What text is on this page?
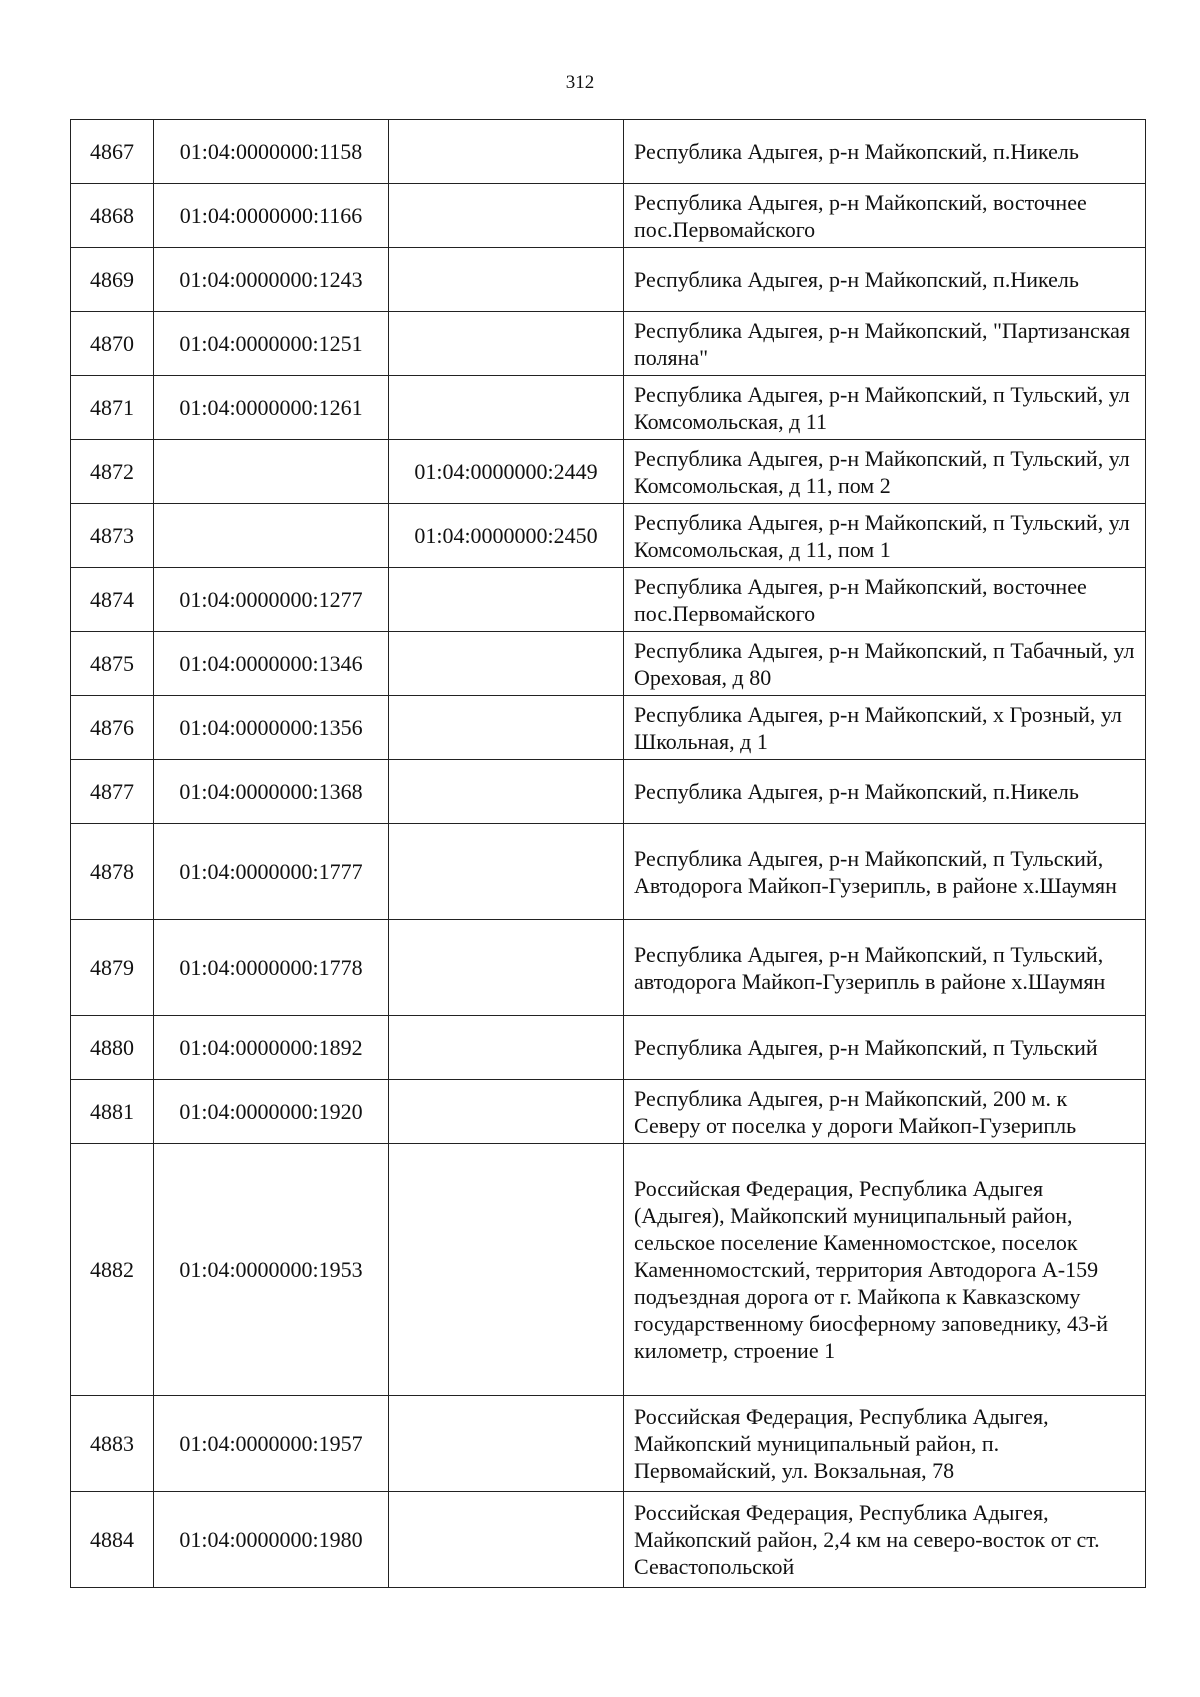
312
4867	01:04:0000000:1158		Республика Адыгея, р-н Майкопский, п.Никель
4868	01:04:0000000:1166		Республика Адыгея, р-н Майкопский, восточнее пос.Первомайского
4869	01:04:0000000:1243		Республика Адыгея, р-н Майкопский, п.Никель
4870	01:04:0000000:1251		Республика Адыгея, р-н Майкопский, "Партизанская поляна"
4871	01:04:0000000:1261		Республика Адыгея, р-н Майкопский, п Тульский, ул Комсомольская, д 11
4872		01:04:0000000:2449	Республика Адыгея, р-н Майкопский, п Тульский, ул Комсомольская, д 11, пом 2
4873		01:04:0000000:2450	Республика Адыгея, р-н Майкопский, п Тульский, ул Комсомольская, д 11, пом 1
4874	01:04:0000000:1277		Республика Адыгея, р-н Майкопский, восточнее пос.Первомайского
4875	01:04:0000000:1346		Республика Адыгея, р-н Майкопский, п Табачный, ул Ореховая, д 80
4876	01:04:0000000:1356		Республика Адыгея, р-н Майкопский, х Грозный, ул Школьная, д 1
4877	01:04:0000000:1368		Республика Адыгея, р-н Майкопский, п.Никель
4878	01:04:0000000:1777		Республика Адыгея, р-н Майкопский, п Тульский, Автодорога Майкоп-Гузерипль, в районе х.Шаумян
4879	01:04:0000000:1778		Республика Адыгея, р-н Майкопский, п Тульский, автодорога Майкоп-Гузерипль в районе х.Шаумян
4880	01:04:0000000:1892		Республика Адыгея, р-н Майкопский, п Тульский
4881	01:04:0000000:1920		Республика Адыгея, р-н Майкопский, 200 м. к Северу от поселка у дороги Майкоп-Гузерипль
4882	01:04:0000000:1953		Российская Федерация, Республика Адыгея (Адыгея), Майкопский муниципальный район, сельское поселение Каменномостское, поселок Каменномостский, территория Автодорога А-159 подъездная дорога от г. Майкопа к Кавказскому государственному биосферному заповеднику, 43-й километр, строение 1
4883	01:04:0000000:1957		Российская Федерация, Республика Адыгея, Майкопский муниципальный район, п. Первомайский, ул. Вокзальная, 78
4884	01:04:0000000:1980		Российская Федерация, Республика Адыгея, Майкопский район, 2,4 км на северо-восток от ст. Севастопольской
